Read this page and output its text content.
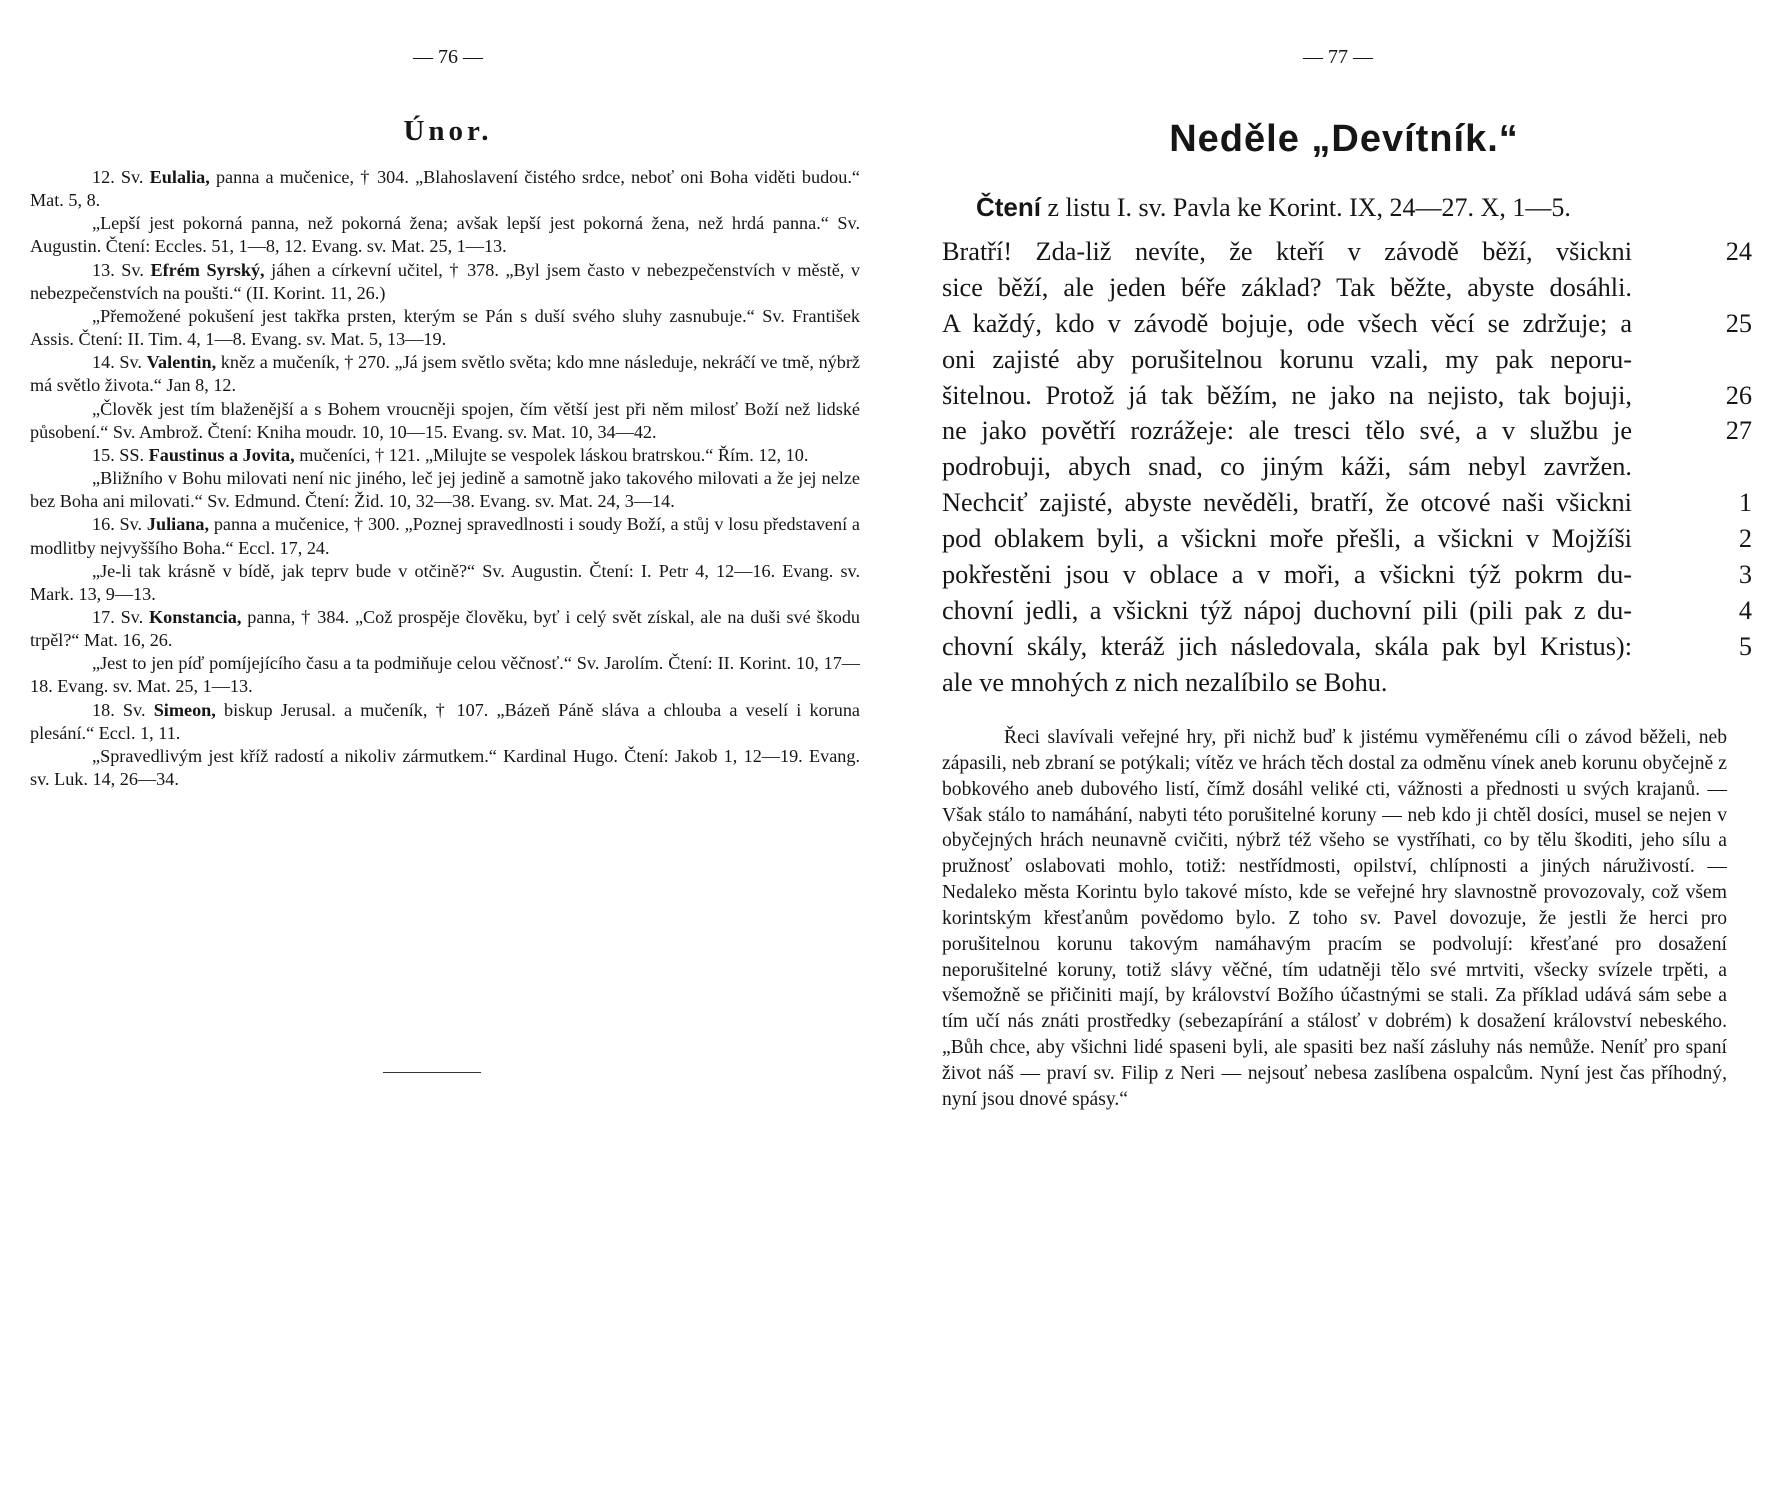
— 76 —
Únor.

12. Sv. Eulalia, panna a mučenice, † 304. „Blahoslavení čistého srdce, neboť oni Boha viděti budou.“ Mat. 5, 8.

„Lepší jest pokorná panna, než pokorná žena; avšak lepší jest pokorná žena, než hrdá panna.“ Sv. Augustin. Čtení: Eccles. 51, 1—8, 12. Evang. sv. Mat. 25, 1—13.

13. Sv. Efrém Syrský, jáhen a církevní učitel, † 378. „Byl jsem často v nebezpečenstvích v městě, v nebezpečenstvích na poušti.“ (II. Korint. 11, 26.)

„Přemožené pokušení jest takřka prsten, kterým se Pán s duší svého sluhy zasnubuje.“ Sv. František Assis. Čtení: II. Tim. 4, 1—8. Evang. sv. Mat. 5, 13—19.

14. Sv. Valentin, kněz a mučeník, † 270. „Já jsem světlo světa; kdo mne následuje, nekráčí ve tmě, nýbrž má světlo života.“ Jan 8, 12.

„Člověk jest tím blaženější a s Bohem vroucněji spojen, čím větší jest při něm milosť Boží než lidské působení.“ Sv. Ambrož. Čtení: Kniha moudr. 10, 10—15. Evang. sv. Mat. 10, 34—42.

15. SS. Faustinus a Jovita, mučeníci, † 121. „Milujte se vespolek láskou bratrskou.“ Řím. 12, 10.

„Bližního v Bohu milovati není nic jiného, leč jej jedině a samotně jako takového milovati a že jej nelze bez Boha ani milovati.“ Sv. Edmund. Čtení: Žid. 10, 32—38. Evang. sv. Mat. 24, 3—14.

16. Sv. Juliana, panna a mučenice, † 300. „Poznej spravedlnosti i soudy Boží, a stůj v losu představení a modlitby nejvyššího Boha.“ Eccl. 17, 24.

„Je-li tak krásně v bídě, jak teprv bude v otčině?“ Sv. Augustin. Čtení: I. Petr 4, 12—16. Evang. sv. Mark. 13, 9—13.

17. Sv. Konstancia, panna, † 384. „Což prospěje člověku, byť i celý svět získal, ale na duši své škodu trpěl?“ Mat. 16, 26.

„Jest to jen píď pomíjejícího času a ta podmiňuje celou věčnosť.“ Sv. Jarolím. Čtení: II. Korint. 10, 17—18. Evang. sv. Mat. 25, 1—13.

18. Sv. Simeon, biskup Jerusal. a mučeník, † 107. „Bázeň Páně sláva a chlouba a veselí i koruna plesání.“ Eccl. 1, 11.

„Spravedlivým jest kříž radostí a nikoliv zármutkem.“ Kardinal Hugo. Čtení: Jakob 1, 12—19. Evang. sv. Luk. 14, 26—34.

— 77 —
Neděle „Devítník.“
Čtení z listu I. sv. Pavla ke Korint. IX, 24—27. X, 1—5.
Bratří! Zda-liž nevíte, že kteří v závodě běží, všickni	24
sice běží, ale jeden béře základ? Tak běžte, abyste dosáhli.
A každý, kdo v závodě bojuje, ode všech věcí se zdržuje; a	25
oni zajisté aby porušitelnou korunu vzali, my pak neporu-
šitelnou. Protož já tak běžím, ne jako na nejisto, tak bojuji,	26
ne jako povětří rozrážeje: ale tresci tělo své, a v službu je	27
podrobuji, abych snad, co jiným káži, sám nebyl zavržen.
Nechciť zajisté, abyste nevěděli, bratří, že otcové naši všickni	1
pod oblakem byli, a všickni moře přešli, a všickni v Mojžíši	2
pokřestěni jsou v oblace a v moři, a všickni týž pokrm du-	3
chovní jedli, a všickni týž nápoj duchovní pili (pili pak z du-	4
chovní skály, kteráž jich následovala, skála pak byl Kristus):	5
ale ve mnohých z nich nezalíbilo se Bohu.

Řeci slavívali veřejné hry, při nichž buď k jistému vyměřenému cíli o závod běželi, neb zápasili, neb zbraní se potýkali; vítěz ve hrách těch dostal za odměnu vínek aneb korunu obyčejně z bobkového aneb dubového listí, čímž dosáhl veliké cti, vážnosti a přednosti u svých krajanů. — Však stálo to namáhání, nabyti této porušitelné koruny — neb kdo ji chtěl dosíci, musel se nejen v obyčejných hrách neunavně cvičiti, nýbrž též všeho se vystříhati, co by tělu škoditi, jeho sílu a pružnosť oslabovati mohlo, totiž: nestřídmosti, opilství, chlípnosti a jiných náruživostí. — Nedaleko města Korintu bylo takové místo, kde se veřejné hry slavnostně provozovaly, což všem korintským křesťanům povědomo bylo. Z toho sv. Pavel dovozuje, že jestli že herci pro porušitelnou korunu takovým namáhavým pracím se podvolují: křesťané pro dosažení neporušitelné koruny, totiž slávy věčné, tím udatněji tělo své mrtviti, všecky svízele trpěti, a všemožně se přičiniti mají, by království Božího účastnými se stali. Za příklad udává sám sebe a tím učí nás znáti prostředky (sebezapírání a stálosť v dobrém) k dosažení království nebeského. „Bůh chce, aby všichni lidé spaseni byli, ale spasiti bez naší zásluhy nás nemůže. Neníť pro spaní život náš — praví sv. Filip z Neri — nejsouť nebesa zaslíbena ospalcům. Nyní jest čas příhodný, nyní jsou dnové spásy.“
